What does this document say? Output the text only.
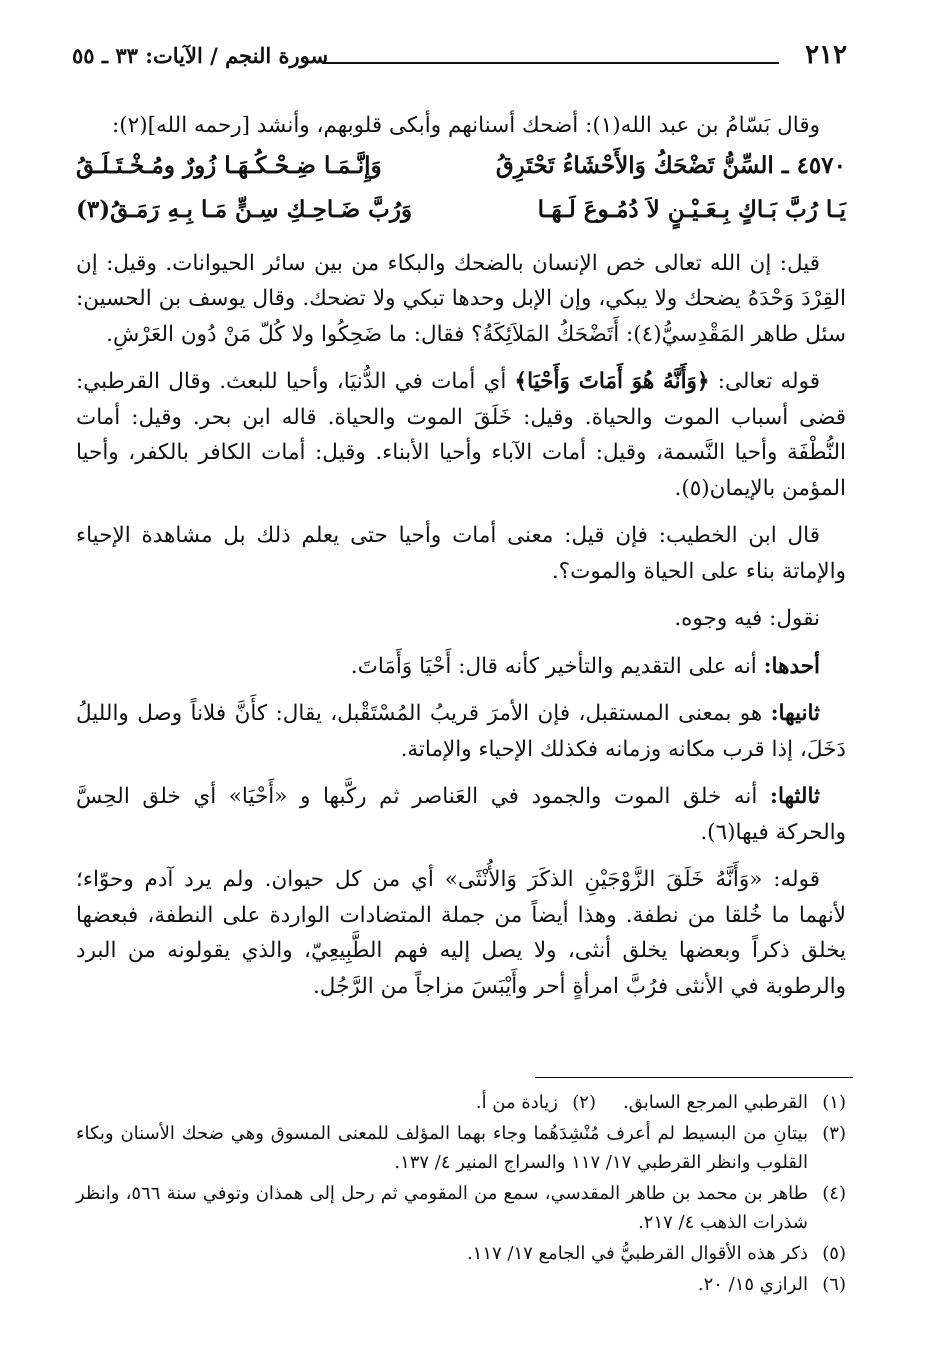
٢١٢
سورة النجم / الآيات: ٣٣ ـ ٥٥

وقال بَسّامُ بن عبد الله(١): أضحك أسنانهم وأبكى قلوبهم، وأنشد [رحمه الله](٢):

٤٥٧٠ ـ السِّنُّ تَضْحَكُ وَالأَحْشَاءُ تَحْتَرِقُ
وَإِنَّـمَـا ضِـحْـكُـهَـا زُورٌ ومُـخْـتَـلَـقُ
يَـا رُبَّ بَـاكٍ بِـعَـيْـنٍ لاَ دُمُـوعَ لَـهَـا
وَرُبَّ ضَـاحِـكِ سِـنٍّ مَـا بِـهِ رَمَـقُ(٣)

قيل: إن الله تعالى خص الإنسان بالضحك والبكاء من بين سائر الحيوانات. وقيل: إن القِرْدَ وَحْدَهُ يضحك ولا يبكي، وإن الإبل وحدها تبكي ولا تضحك. وقال يوسف بن الحسين: سئل طاهر المَقْدِسيُّ(٤): أَتَضْحَكُ المَلاَئِكَةُ؟ فقال: ما ضَحِكُوا ولا كُلّ مَنْ دُون العَرْشِ.

قوله تعالى: ﴿وَأَنَّهُ هُوَ أَمَاتَ وَأَحْيَا﴾ أي أمات في الدُّنيَا، وأحيا للبعث. وقال القرطبي: قضى أسباب الموت والحياة. وقيل: خَلَقَ الموت والحياة. قاله ابن بحر. وقيل: أمات النُّطْفَة وأحيا النَّسمة، وقيل: أمات الآباء وأحيا الأبناء. وقيل: أمات الكافر بالكفر، وأحيا المؤمن بالإيمان(٥).

قال ابن الخطيب: فإن قيل: معنى أمات وأحيا حتى يعلم ذلك بل مشاهدة الإحياء والإماتة بناء على الحياة والموت؟.

نقول: فيه وجوه.

أحدها: أنه على التقديم والتأخير كأنه قال: أَحْيَا وَأَمَاتَ.

ثانيها: هو بمعنى المستقبل، فإن الأمرَ قريبُ المُسْتَقْبل، يقال: كأَنَّ فلاناً وصل والليلُ دَخَلَ، إذا قرب مكانه وزمانه فكذلك الإحياء والإماتة.

ثالثها: أنه خلق الموت والجمود في العَناصر ثم ركَّبها و «أَحْيَا» أي خلق الحِسَّ والحركة فيها(٦).

قوله: «وَأَنَّهُ خَلَقَ الزَّوْجَيْنِ الذكَرَ وَالأُنْثَى» أي من كل حيوان. ولم يرد آدم وحوّاء؛ لأنهما ما خُلقا من نطفة. وهذا أيضاً من جملة المتضادات الواردة على النطفة، فبعضها يخلق ذكراً وبعضها يخلق أنثى، ولا يصل إليه فهم الطَّبِيعِيّ، والذي يقولونه من البرد والرطوبة في الأنثى فرُبَّ امرأةٍ أحر وأَيْبَسَ مزاجاً من الرَّجُل.

(١)
القرطبي المرجع السابق.
(٢)
زيادة من أ.
(٣)
بيتانِ من البسيط لم أعرف مُنْشِدَهُما وجاء بهما المؤلف للمعنى المسوق وهي ضحك الأسنان وبكاء القلوب وانظر القرطبي ١٧/ ١١٧ والسراج المنير ٤/ ١٣٧.
(٤)
طاهر بن محمد بن طاهر المقدسي، سمع من المقومي ثم رحل إلى همذان وتوفي سنة ٥٦٦، وانظر شذرات الذهب ٤/ ٢١٧.
(٥)
ذكر هذه الأقوال القرطبيُّ في الجامع ١٧/ ١١٧.
(٦)
الرازي ١٥/ ٢٠.
